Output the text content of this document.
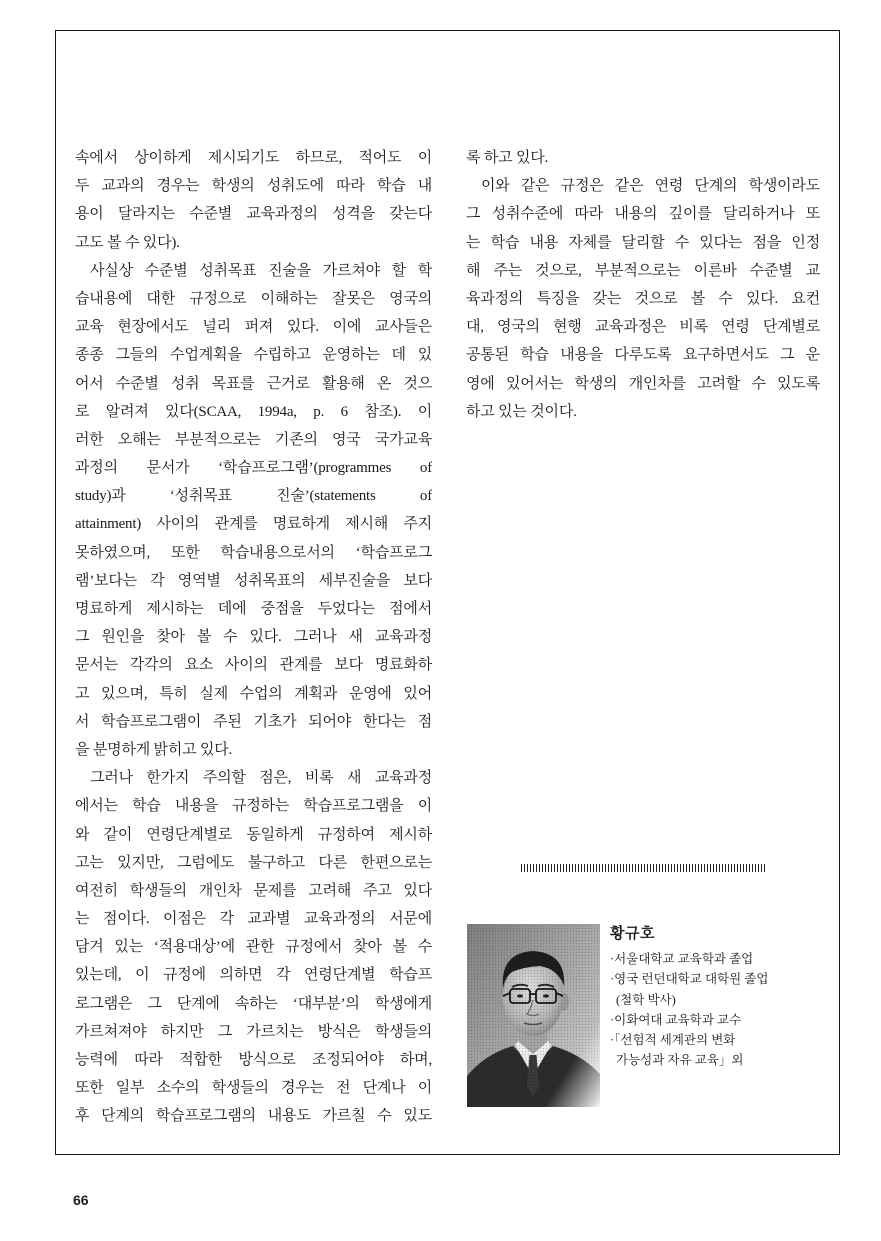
속에서 상이하게 제시되기도 하므로, 적어도 이
두 교과의 경우는 학생의 성취도에 따라 학습 내
용이 달라지는 수준별 교육과정의 성격을 갖는다
고도 볼 수 있다).
사실상 수준별 성취목표 진술을 가르쳐야 할 학
습내용에 대한 규정으로 이해하는 잘못은 영국의
교육 현장에서도 널리 퍼져 있다. 이에 교사들은
종종 그들의 수업계획을 수립하고 운영하는 데 있
어서 수준별 성취 목표를 근거로 활용해 온 것으
로 알려져 있다(SCAA, 1994a, p. 6 참조). 이
러한 오해는 부분적으로는 기존의 영국 국가교육
과정의 문서가 ‘학습프로그램’(programmes of
study)과 ‘성취목표 진술’(statements of
attainment) 사이의 관계를 명료하게 제시해 주지
못하였으며, 또한 학습내용으로서의 ‘학습프로그
램’보다는 각 영역별 성취목표의 세부진술을 보다
명료하게 제시하는 데에 중점을 두었다는 점에서
그 원인을 찾아 볼 수 있다. 그러나 새 교육과정
문서는 각각의 요소 사이의 관계를 보다 명료화하
고 있으며, 특히 실제 수업의 계획과 운영에 있어
서 학습프로그램이 주된 기초가 되어야 한다는 점
을 분명하게 밝히고 있다.
그러나 한가지 주의할 점은, 비록 새 교육과정
에서는 학습 내용을 규정하는 학습프로그램을 이
와 같이 연령단계별로 동일하게 규정하여 제시하
고는 있지만, 그럼에도 불구하고 다른 한편으로는
여전히 학생들의 개인차 문제를 고려해 주고 있다
는 점이다. 이점은 각 교과별 교육과정의 서문에
담겨 있는 ‘적용대상’에 관한 규정에서 찾아 볼 수
있는데, 이 규정에 의하면 각 연령단계별 학습프
로그램은 그 단계에 속하는 ‘대부분’의 학생에게
가르쳐져야 하지만 그 가르치는 방식은 학생들의
능력에 따라 적합한 방식으로 조정되어야 하며,
또한 일부 소수의 학생들의 경우는 전 단계나 이
후 단계의 학습프로그램의 내용도 가르칠 수 있도
록 하고 있다.
이와 같은 규정은 같은 연령 단계의 학생이라도
그 성취수준에 따라 내용의 깊이를 달리하거나 또
는 학습 내용 자체를 달리할 수 있다는 점을 인정
해 주는 것으로, 부분적으로는 이른바 수준별 교
육과정의 특징을 갖는 것으로 볼 수 있다. 요컨
대, 영국의 현행 교육과정은 비록 연령 단계별로
공통된 학습 내용을 다루도록 요구하면서도 그 운
영에 있어서는 학생의 개인차를 고려할 수 있도록
하고 있는 것이다.
황규호
·서울대학교 교육학과 졸업
·영국 런던대학교 대학원 졸업
(철학 박사)
·이화여대 교육학과 교수
·「선험적 세계관의 변화
가능성과 자유 교육」외
66
